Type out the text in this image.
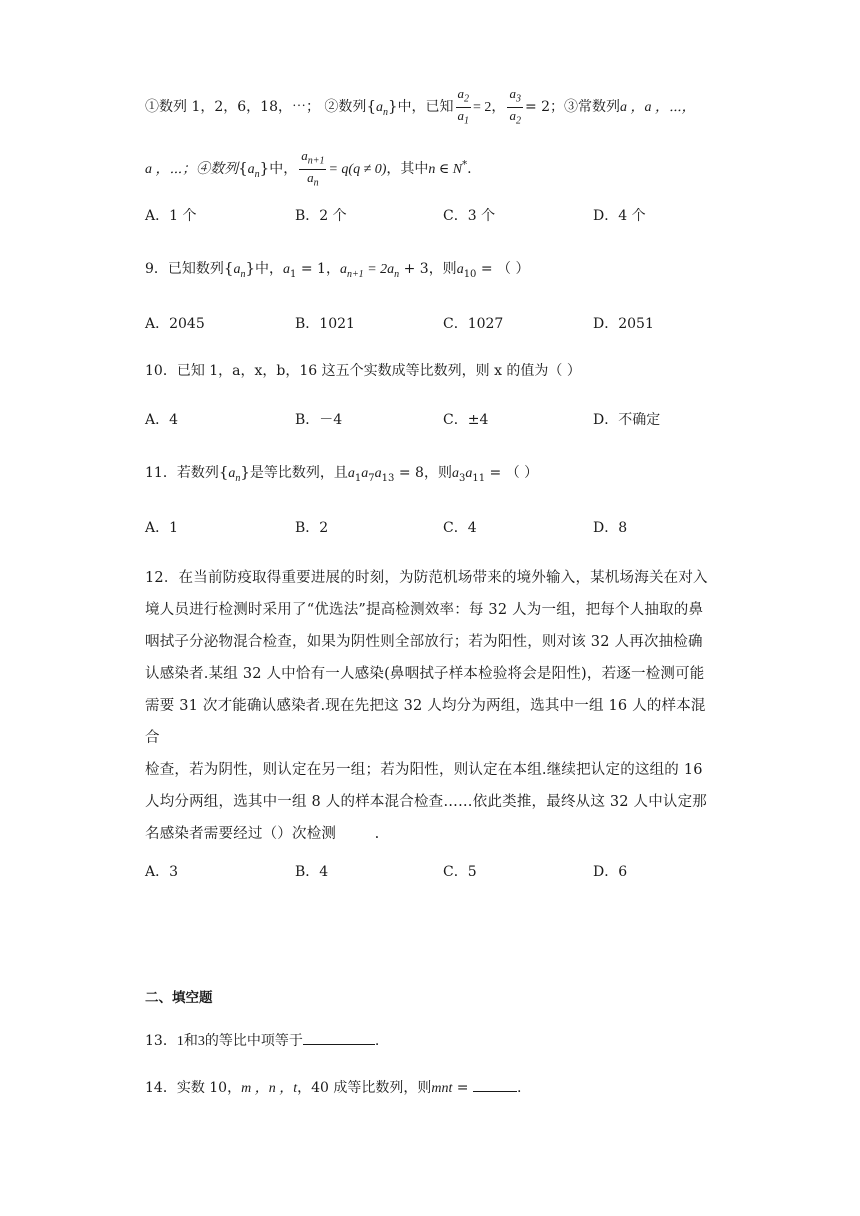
①数列 1，2，6，18，⋯； ②数列$\{a_n\}$中，已知 $\frac{a_2}{a_1} = 2$， $\frac{a_3}{a_2} = 2$；③常数列a ，a ，⋯，
a ，⋯；④数列$\{a_n\}$中， $\frac{a_{n+1}}{a_n} = q(q \ne 0)$，其中n ∈ N*.
A．1 个	B．2 个	C．3 个	D．4 个
9．已知数列$\{a_n\}$中，$a_1 = 1$，$a_{n+1} = 2a_n + 3$，则$a_{10}$ = （ ）
A．2045	B．1021	C．1027	D．2051
10．已知 1，a，x，b，16 这五个实数成等比数列，则 x 的值为（ ）
A．4	B．－4	C．±4	D．不确定
11．若数列$\{a_n\}$是等比数列，且$a_1a_7a_{13} = 8$，则$a_3a_{11}$ = （ ）
A．1	B．2	C．4	D．8
12．在当前防疫取得重要进展的时刻，为防范机场带来的境外输入，某机场海关在对入
境人员进行检测时采用了“优选法”提高检测效率：每 32 人为一组，把每个人抽取的鼻
咽拭子分泌物混合检查，如果为阴性则全部放行；若为阳性，则对该 32 人再次抽检确
认感染者.某组 32 人中恰有一人感染(鼻咽拭子样本检验将会是阳性)，若逐一检测可能
需要 31 次才能确认感染者.现在先把这 32 人均分为两组，选其中一组 16 人的样本混合
检查，若为阴性，则认定在另一组；若为阳性，则认定在本组.继续把认定的这组的 16
人均分两组，选其中一组 8 人的样本混合检查……依此类推，最终从这 32 人中认定那
名感染者需要经过（）次检测        .
A．3	B．4	C．5	D．6
二、填空题
13．1和3的等比中项等于	.
14．实数 10，m ，n ，t，40 成等比数列，则mnt =	.
